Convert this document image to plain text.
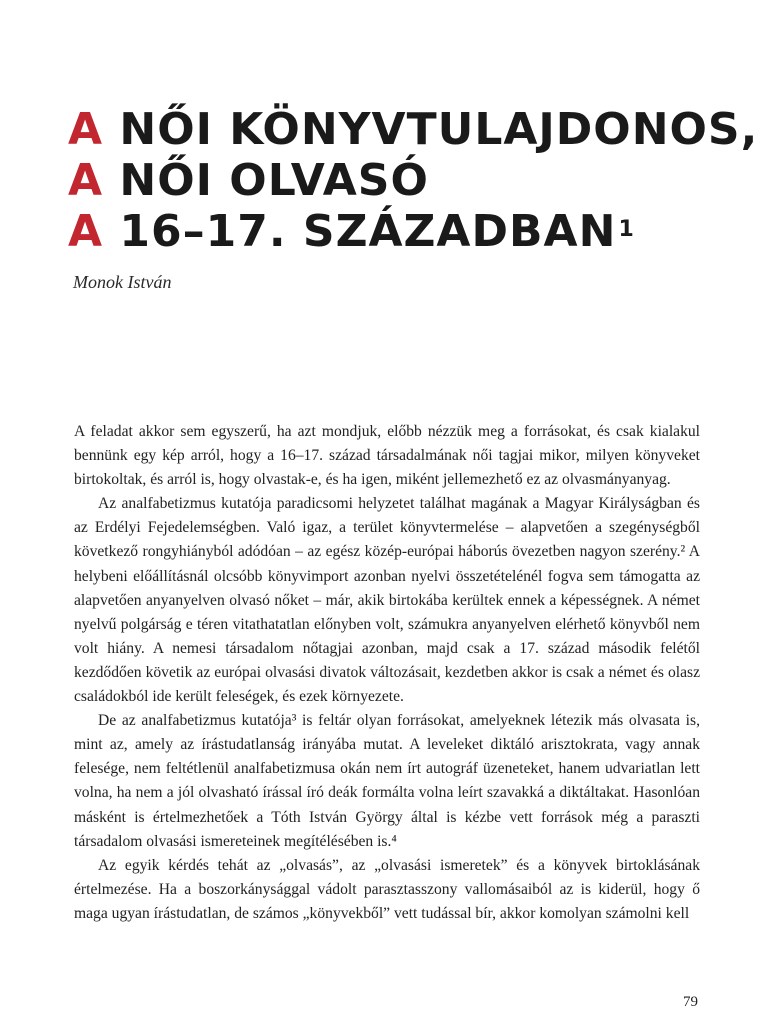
A NŐI KÖNYVTULAJDONOS,
A NŐI OLVASÓ
A 16–17. SZÁZADBAN$^1$

Monok István

A feladat akkor sem egyszerű, ha azt mondjuk, előbb nézzük meg a forrásokat, és csak kialakul bennünk egy kép arról, hogy a 16–17. század társadalmának női tagjai mikor, milyen könyveket birtokoltak, és arról is, hogy olvastak-e, és ha igen, miként jellemezhető ez az olvasmányanyag.

Az analfabetizmus kutatója paradicsomi helyzetet találhat magának a Magyar Királyságban és az Erdélyi Fejedelemségben. Való igaz, a terület könyvtermelése – alapvetően a szegénységből következő rongyhiányból adódóan – az egész közép-európai háborús övezetben nagyon szerény.² A helybeni előállításnál olcsóbb könyvimport azonban nyelvi összetételénél fogva sem támogatta az alapvetően anyanyelven olvasó nőket – már, akik birtokába kerültek ennek a képességnek. A német nyelvű polgárság e téren vitathatatlan előnyben volt, számukra anyanyelven elérhető könyvből nem volt hiány. A nemesi társadalom nőtagjai azonban, majd csak a 17. század második felétől kezdődően követik az európai olvasási divatok változásait, kezdetben akkor is csak a német és olasz családokból ide került feleségek, és ezek környezete.

De az analfabetizmus kutatója³ is feltár olyan forrásokat, amelyeknek létezik más olvasata is, mint az, amely az írástudatlanság irányába mutat. A leveleket diktáló arisztokrata, vagy annak felesége, nem feltétlenül analfabetizmusa okán nem írt autográf üzeneteket, hanem udvariatlan lett volna, ha nem a jól olvasható írással író deák formálta volna leírt szavakká a diktáltakat. Hasonlóan másként is értelmezhetőek a Tóth István György által is kézbe vett források még a paraszti társadalom olvasási ismereteinek megítélésében is.⁴

Az egyik kérdés tehát az „olvasás”, az „olvasási ismeretek” és a könyvek birtoklásának értelmezése. Ha a boszorkánysággal vádolt parasztasszony vallomásaiból az is kiderül, hogy ő maga ugyan írástudatlan, de számos „könyvekből” vett tudással bír, akkor komolyan számolni kell

79
